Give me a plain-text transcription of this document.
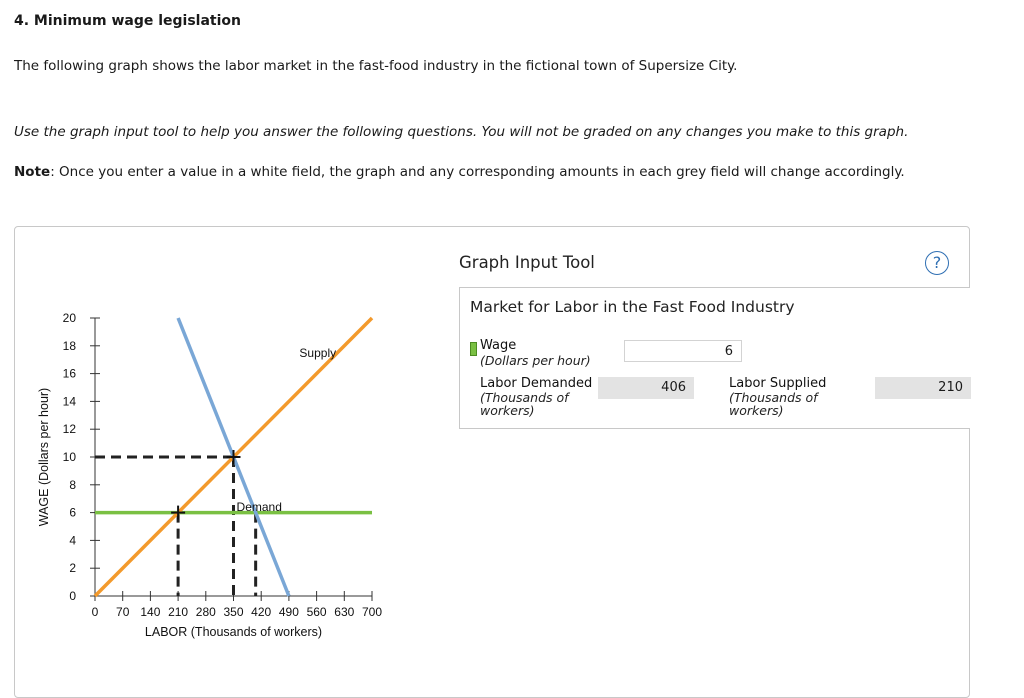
4. Minimum wage legislation
The following graph shows the labor market in the fast-food industry in the fictional town of Supersize City.
Use the graph input tool to help you answer the following questions. You will not be graded on any changes you make to this graph.
Note: Once you enter a value in a white field, the graph and any corresponding amounts in each grey field will change accordingly.
0
2
4
6
8
10
12
14
16
18
20
0 70 140 210 280 350 420 490 560 630 700
LABOR (Thousands of workers)
WAGE (Dollars per hour)
Supply
Demand
Graph Input Tool	?
Market for Labor in the Fast Food Industry
Wage
(Dollars per hour)
6
Labor Demanded
(Thousands of
workers)
406	Labor Supplied
(Thousands of
workers)
210
